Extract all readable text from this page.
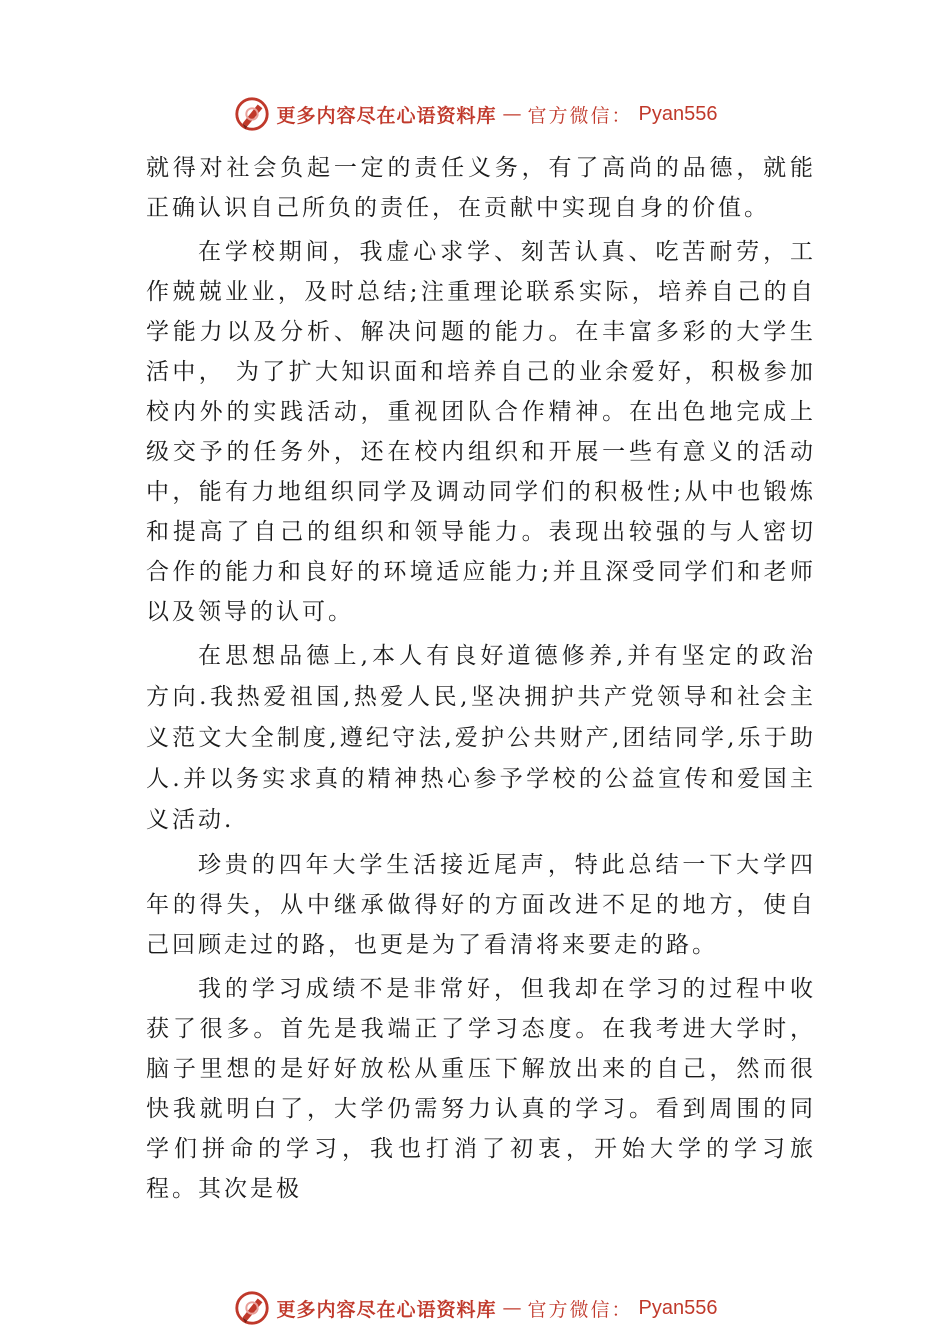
更多内容尽在心语资料库 — 官方微信： Pyan556

就得对社会负起一定的责任义务，有了高尚的品德，就能正确认识自己所负的责任，在贡献中实现自身的价值。

在学校期间，我虚心求学、刻苦认真、吃苦耐劳，工作兢兢业业，及时总结;注重理论联系实际，培养自己的自学能力以及分析、解决问题的能力。在丰富多彩的大学生活中， 为了扩大知识面和培养自己的业余爱好，积极参加校内外的实践活动，重视团队合作精神。在出色地完成上级交予的任务外，还在校内组织和开展一些有意义的活动中，能有力地组织同学及调动同学们的积极性;从中也锻炼和提高了自己的组织和领导能力。表现出较强的与人密切合作的能力和良好的环境适应能力;并且深受同学们和老师以及领导的认可。

在思想品德上,本人有良好道德修养,并有坚定的政治方向.我热爱祖国,热爱人民,坚决拥护共产党领导和社会主义范文大全制度,遵纪守法,爱护公共财产,团结同学,乐于助人.并以务实求真的精神热心参予学校的公益宣传和爱国主义活动.

珍贵的四年大学生活接近尾声，特此总结一下大学四年的得失，从中继承做得好的方面改进不足的地方，使自己回顾走过的路，也更是为了看清将来要走的路。

我的学习成绩不是非常好，但我却在学习的过程中收获了很多。首先是我端正了学习态度。在我考进大学时，脑子里想的是好好放松从重压下解放出来的自己，然而很快我就明白了，大学仍需努力认真的学习。看到周围的同学们拼命的学习，我也打消了初衷，开始大学的学习旅程。其次是极

更多内容尽在心语资料库 — 官方微信： Pyan556
